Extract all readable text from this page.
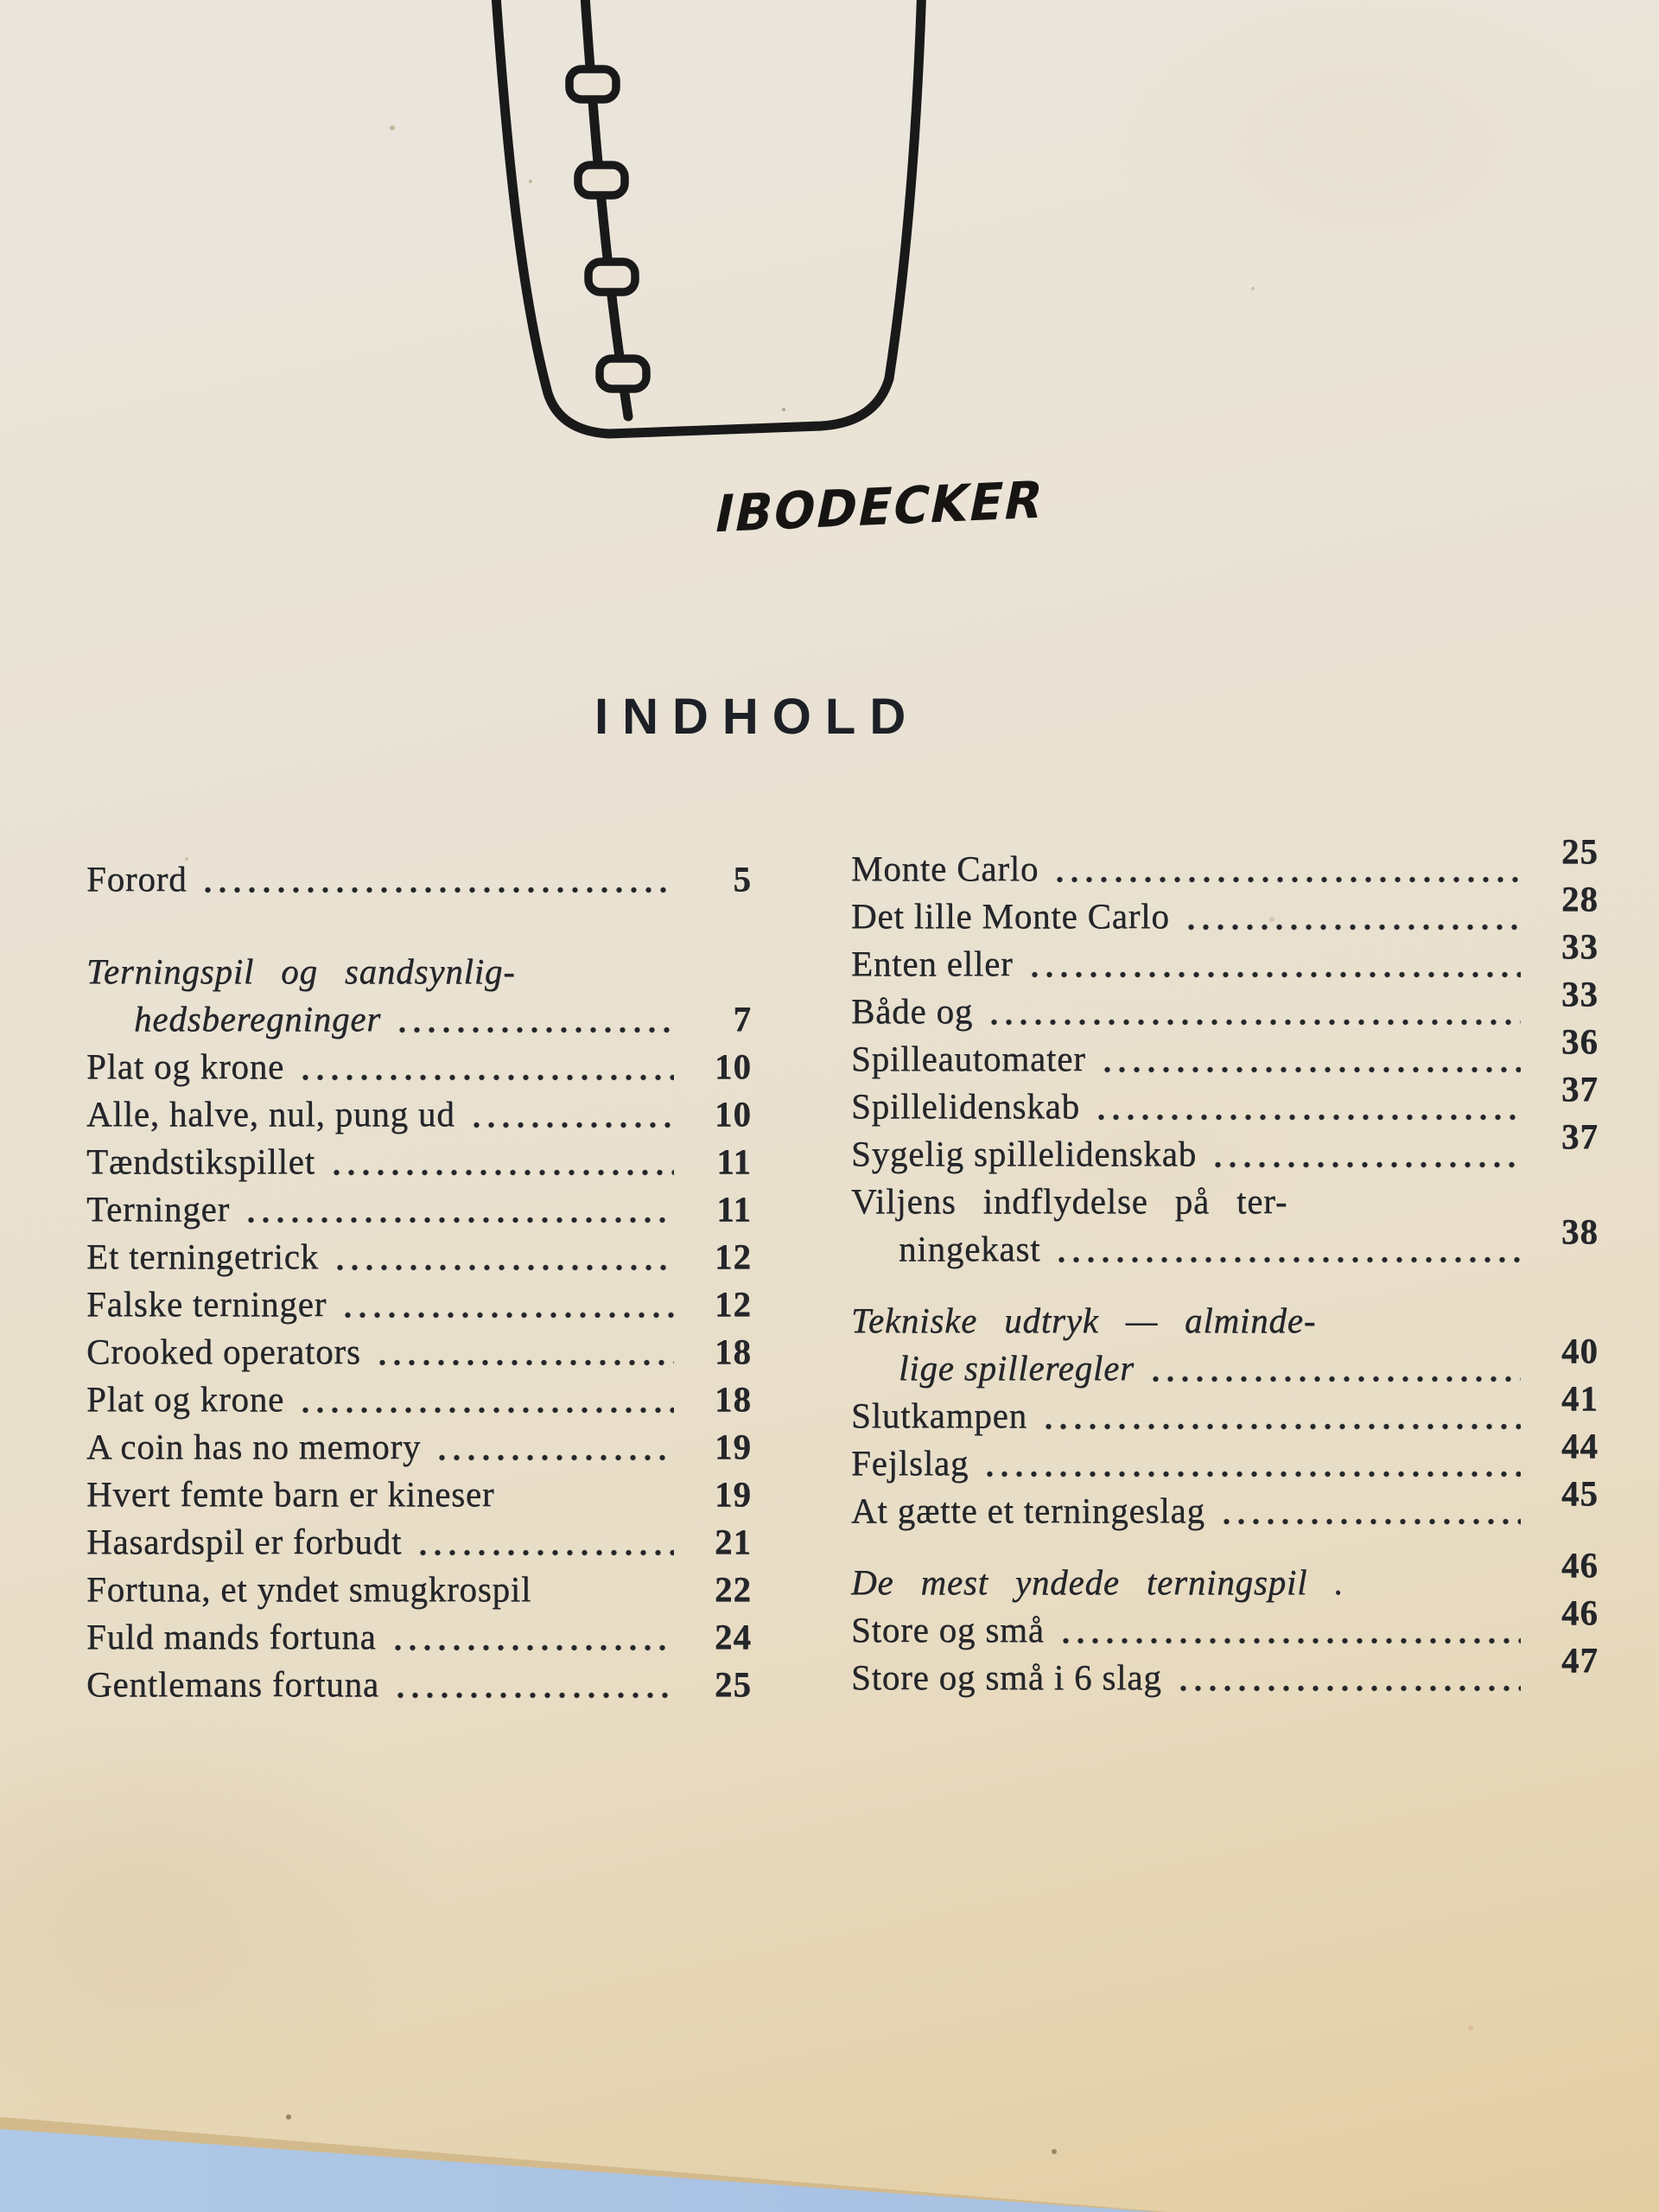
IBODECKER
INDHOLD
Forord	5
Terningspil og sandsynlig-
hedsberegninger	7
Plat og krone	10
Alle, halve, nul, pung ud	10
Tændstikspillet	11
Terninger	11
Et terningetrick	12
Falske terninger	12
Crooked operators	18
Plat og krone	18
A coin has no memory	19
Hvert femte barn er kineser	19
Hasardspil er forbudt	21
Fortuna, et yndet smugkrospil	22
Fuld mands fortuna	24
Gentlemans fortuna	25
Monte Carlo	25
Det lille Monte Carlo	28
Enten eller	33
Både og	33
Spilleautomater	36
Spillelidenskab	37
Sygelig spillelidenskab	37
Viljens indflydelse på ter-
ningekast	38
Tekniske udtryk — alminde-
lige spilleregler	40
Slutkampen	41
Fejlslag	44
At gætte et terningeslag	45
De mest yndede terningspil .	46
Store og små	46
Store og små i 6 slag	47
